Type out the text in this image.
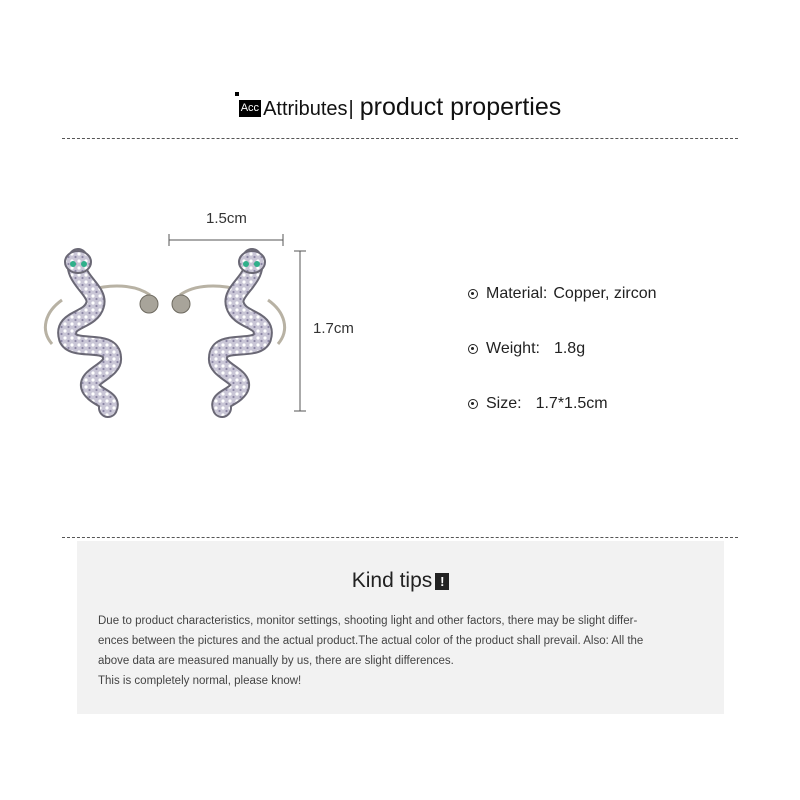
Acc Attributes | product properties
1.5cm
1.7cm
Material: Copper, zircon
Weight: 1.8g
Size: 1.7*1.5cm
Kind tips !

Due to product characteristics, monitor settings, shooting light and other factors, there may be slight differ-

ences between the pictures and the actual product.The actual color of the product shall prevail. Also: All the

above data are measured manually by us, there are slight differences.

This is completely normal, please know!
